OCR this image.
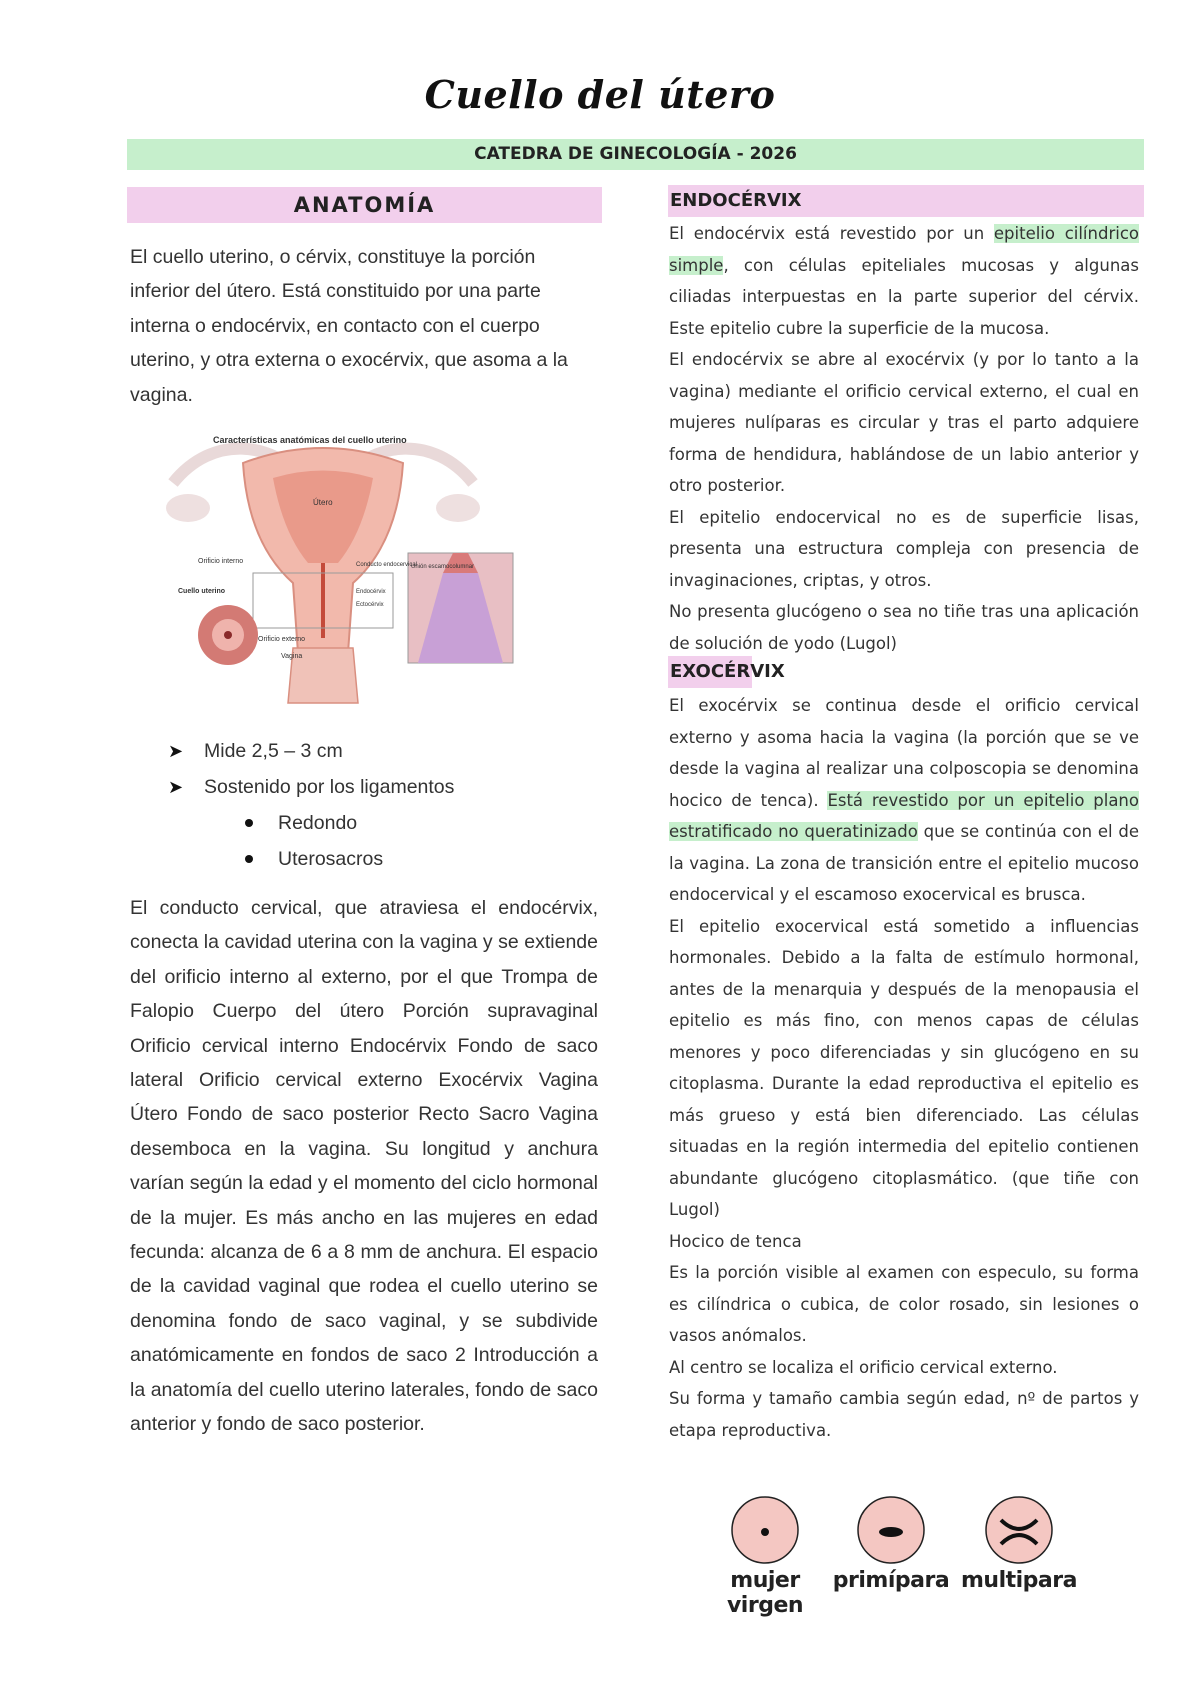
Cuello del útero
CATEDRA DE GINECOLOGÍA - 2026
ANATOMÍA
El cuello uterino, o cérvix, constituye la porción inferior del útero. Está constituido por una parte interna o endocérvix, en contacto con el cuerpo uterino, y otra externa o exocérvix, que asoma a la vagina.
Características anatómicas del cuello uterino
Útero
Orificio interno
Cuello uterino
Orificio externo
Vagina
Conducto endocervical
Endocérvix
Ectocérvix
Unión escamocolumnar
➤ Mide 2,5 – 3 cm
➤ Sostenido por los ligamentos
Redondo
Uterosacros
El conducto cervical, que atraviesa el endocérvix, conecta la cavidad uterina con la vagina y se extiende del orificio interno al externo, por el que Trompa de Falopio Cuerpo del útero Porción supravaginal Orificio cervical interno Endocérvix Fondo de saco lateral Orificio cervical externo Exocérvix Vagina Útero Fondo de saco posterior Recto Sacro Vagina desemboca en la vagina. Su longitud y anchura varían según la edad y el momento del ciclo hormonal de la mujer. Es más ancho en las mujeres en edad fecunda: alcanza de 6 a 8 mm de anchura. El espacio de la cavidad vaginal que rodea el cuello uterino se denomina fondo de saco vaginal, y se subdivide anatómicamente en fondos de saco 2 Introducción a la anatomía del cuello uterino laterales, fondo de saco anterior y fondo de saco posterior.
ENDOCÉRVIX

El endocérvix está revestido por un epitelio cilíndrico simple, con células epiteliales mucosas y algunas ciliadas interpuestas en la parte superior del cérvix. Este epitelio cubre la superficie de la mucosa.

El endocérvix se abre al exocérvix (y por lo tanto a la vagina) mediante el orificio cervical externo, el cual en mujeres nulíparas es circular y tras el parto adquiere forma de hendidura, hablándose de un labio anterior y otro posterior.

El epitelio endocervical no es de superficie lisas, presenta una estructura compleja con presencia de invaginaciones, criptas, y otros.

No presenta glucógeno o sea no tiñe tras una aplicación de solución de yodo (Lugol)

EXOCÉRVIX

El exocérvix se continua desde el orificio cervical externo y asoma hacia la vagina (la porción que se ve desde la vagina al realizar una colposcopia se denomina hocico de tenca). Está revestido por un epitelio plano estratificado no queratinizado que se continúa con el de la vagina. La zona de transición entre el epitelio mucoso endocervical y el escamoso exocervical es brusca.

El epitelio exocervical está sometido a influencias hormonales. Debido a la falta de estímulo hormonal, antes de la menarquia y después de la menopausia el epitelio es más fino, con menos capas de células menores y poco diferenciadas y sin glucógeno en su citoplasma. Durante la edad reproductiva el epitelio es más grueso y está bien diferenciado. Las células situadas en la región intermedia del epitelio contienen abundante glucógeno citoplasmático. (que tiñe con Lugol)

Hocico de tenca

Es la porción visible al examen con especulo, su forma es cilíndrica o cubica, de color rosado, sin lesiones o vasos anómalos.

Al centro se localiza el orificio cervical externo.

Su forma y tamaño cambia según edad, nº de partos y etapa reproductiva.

mujer virgen
primípara multipara
